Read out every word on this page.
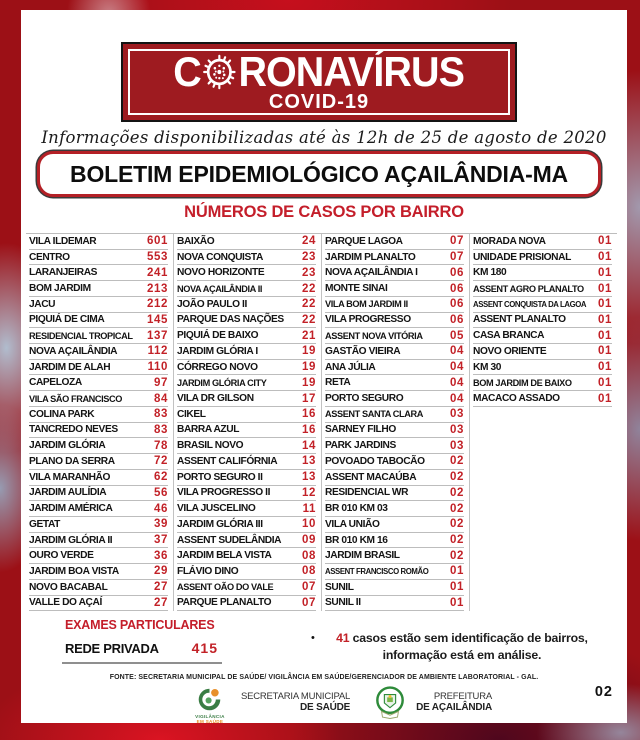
C RONAVÍRUS
COVID-19
Informações disponibilizadas até às 12h de 25 de agosto de 2020
BOLETIM EPIDEMIOLÓGICO AÇAILÂNDIA-MA
NÚMEROS DE CASOS POR BAIRRO
VILA ILDEMAR	601
CENTRO	553
LARANJEIRAS	241
BOM JARDIM	213
JACU	212
PIQUIÁ DE CIMA	145
RESIDENCIAL TROPICAL 137
NOVA AÇAILÂNDIA	112
JARDIM DE ALAH	110
CAPELOZA	97
VILA SÃO FRANCISCO	84
COLINA PARK	83
TANCREDO NEVES	83
JARDIM GLÓRIA	78
PLANO DA SERRA	72
VILA MARANHÃO	62
JARDIM AULÍDIA	56
JARDIM AMÉRICA	46
GETAT	39
JARDIM GLÓRIA II	37
OURO VERDE	36
JARDIM BOA VISTA	29
NOVO BACABAL	27
VALLE DO AÇAÍ	27
BAIXÃO	24
NOVA CONQUISTA	23
NOVO HORIZONTE	23
NOVA AÇAILÂNDIA II	22
JOÃO PAULO II	22
PARQUE DAS NAÇÕES 22
PIQUIÁ DE BAIXO	21
JARDIM GLÓRIA I	19
CÓRREGO NOVO	19
JARDIM GLÓRIA CITY	19
VILA DR GILSON	17
CIKEL	16
BARRA AZUL	16
BRASIL NOVO	14
ASSENT CALIFÓRNIA 13
PORTO SEGURO II	13
VILA PROGRESSO II	12
VILA JUSCELINO	11
JARDIM GLÓRIA III	10
ASSENT SUDELÂNDIA 09
JARDIM BELA VISTA	08
FLÁVIO DINO	08
ASSENT OÃO DO VALE 07
PARQUE PLANALTO	07
PARQUE LAGOA	07
JARDIM PLANALTO	07
NOVA AÇAILÂNDIA I	06
MONTE SINAI	06
VILA BOM JARDIM II	06
VILA PROGRESSO	06
ASSENT NOVA VITÓRIA 05
GASTÃO VIEIRA	04
ANA JÚLIA	04
RETA	04
PORTO SEGURO	04
ASSENT SANTA CLARA 03
SARNEY FILHO	03
PARK JARDINS	03
POVOADO TABOCÃO 02
ASSENT MACAÚBA	02
RESIDENCIAL WR	02
BR 010 KM 03	02
VILA UNIÃO	02
BR 010 KM 16	02
JARDIM BRASIL	02
ASSENT FRANCISCO ROMÃO 01
SUNIL	01
SUNIL II	01
MORADA NOVA	01
UNIDADE PRISIONAL 01
KM 180	01
ASSENT AGRO PLANALTO 01
ASSENT CONQUISTA DA LAGOA 01
ASSENT PLANALTO	01
CASA BRANCA	01
NOVO ORIENTE	01
KM 30	01
BOM JARDIM DE BAIXO 01
MACACO ASSADO	01
EXAMES PARTICULARES
REDE PRIVADA 415
•	41 casos estão sem identificação de bairros, informação está em análise.
FONTE: SECRETARIA MUNICIPAL DE SAÚDE/ VIGILÂNCIA EM SAÚDE/GERENCIADOR DE AMBIENTE LABORATORIAL - GAL.
VIGILÂNCIA
EM SAÚDE
SECRETARIA MUNICIPAL
DE SAÚDE
PREFEITURA
DE AÇAILÂNDIA
02
